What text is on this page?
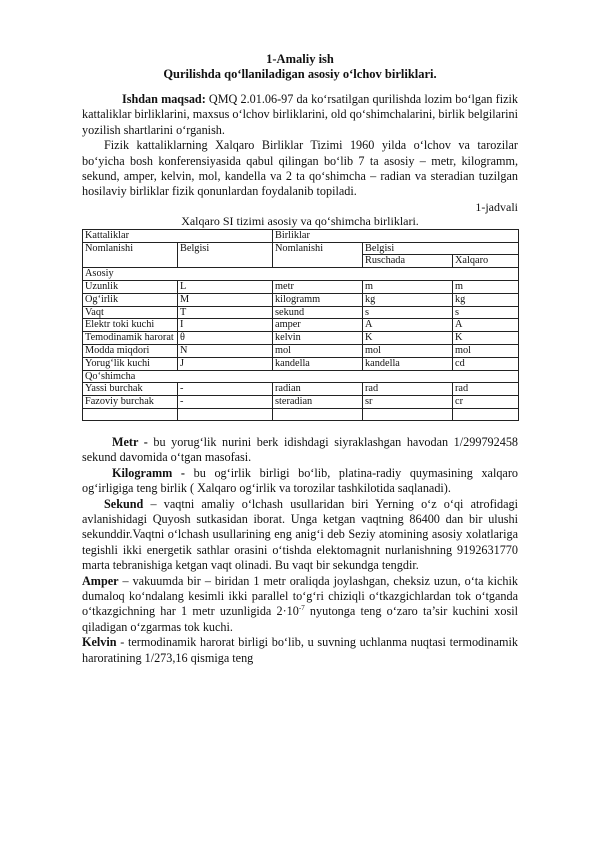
1-Amaliy ish
Qurilishda qo‘llaniladigan asosiy o‘lchov birliklari.

Ishdan maqsad: QMQ 2.01.06-97 da ko‘rsatilgan qurilishda lozim bo‘lgan fizik kattaliklar birliklarini, maxsus o‘lchov birliklarini, old qo‘shimchalarini, birlik belgilarini yozilish shartlarini o‘rganish.

Fizik kattaliklarning Xalqaro Birliklar Tizimi 1960 yilda o‘lchov va tarozilar bo‘yicha bosh konferensiyasida qabul qilingan bo‘lib 7 ta asosiy – metr, kilogramm, sekund, amper, kelvin, mol, kandella va 2 ta qo‘shimcha – radian va steradian tuzilgan hosilaviy birliklar fizik qonunlardan foydalanib topiladi.

1-jadvali
Xalqaro SI tizimi asosiy va qo‘shimcha birliklari.
Kattaliklar		Birliklar		
Nomlanishi	Belgisi	Nomlanishi	Belgisi	
			Ruschada	Xalqaro
Asosiy				
Uzunlik	L	metr	m	m
Og‘irlik	M	kilogramm	kg	kg
Vaqt	T	sekund	s	s
Elektr toki kuchi	I	amper	A	A
Temodinamik harorat	θ	kelvin	K	K
Modda miqdori	N	mol	mol	mol
Yorug‘lik kuchi	J	kandella	kandella	cd
Qo‘shimcha				
Yassi burchak	-	radian	rad	rad
Fazoviy burchak	-	steradian	sr	cr

Metr - bu yorug‘lik nurini berk idishdagi siyraklashgan havodan 1/299792458 sekund davomida o‘tgan masofasi.

Kilogramm - bu og‘irlik birligi bo‘lib, platina-radiy quymasining xalqaro og‘irligiga teng birlik ( Xalqaro og‘irlik va torozilar tashkilotida saqlanadi).

Sekund – vaqtni amaliy o‘lchash usullaridan biri Yerning o‘z o‘qi atrofidagi avlanishidagi Quyosh sutkasidan iborat. Unga ketgan vaqtning 86400 dan bir ulushi sekunddir.Vaqtni o‘lchash usullarining eng anig‘i deb Seziy atomining asosiy xolatlariga tegishli ikki energetik sathlar orasini o‘tishda elektomagnit nurlanishning 9192631770 marta tebranishiga ketgan vaqt olinadi. Bu vaqt bir sekundga tengdir.

Amper – vakuumda bir – biridan 1 metr oraliqda joylashgan, cheksiz uzun, o‘ta kichik dumaloq ko‘ndalang kesimli ikki parallel to‘g‘ri chiziqli o‘tkazgichlardan tok o‘tganda o‘tkazgichning har 1 metr uzunligida $2\cdot 10^{-7}$ nyutonga teng o‘zaro ta’sir kuchini xosil qiladigan o‘zgarmas tok kuchi.

Kelvin - termodinamik harorat birligi bo‘lib, u suvning uchlanma nuqtasi termodinamik haroratining 1/273,16 qismiga teng
